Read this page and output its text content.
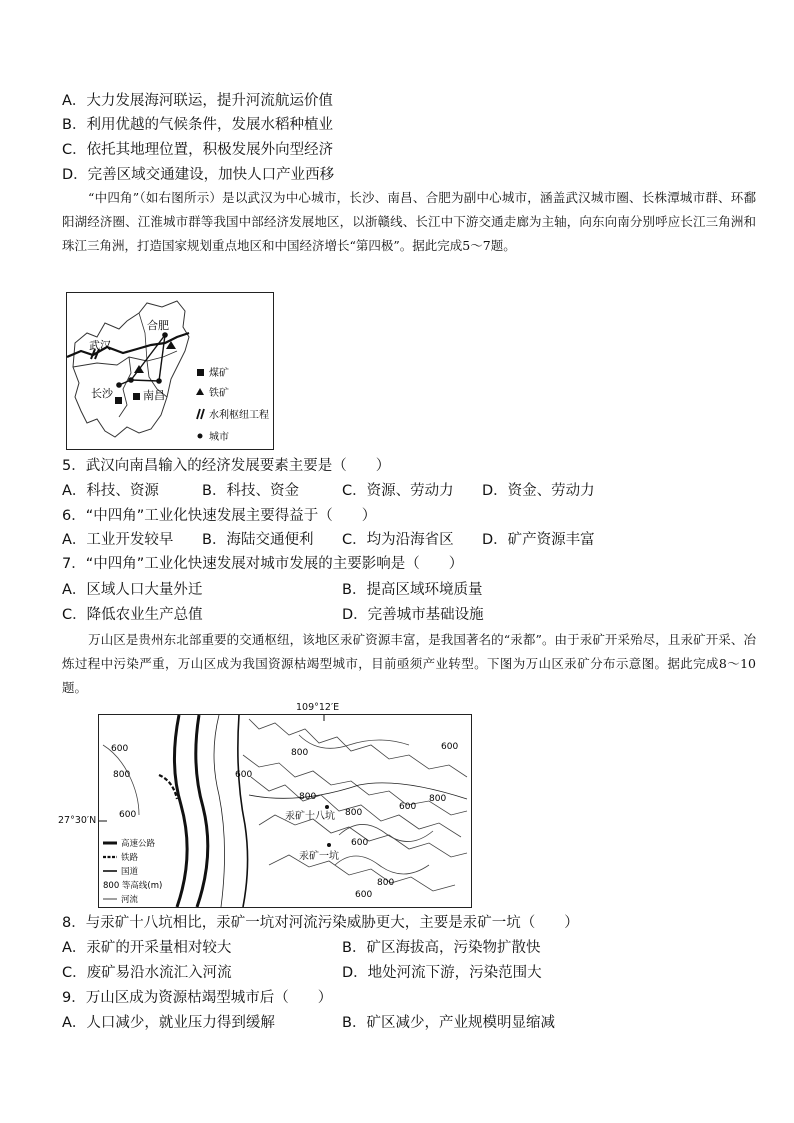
A．大力发展海河联运，提升河流航运价值
B．利用优越的气候条件，发展水稻种植业
C．依托其地理位置，积极发展外向型经济
D．完善区域交通建设，加快人口产业西移
“中四角”（如右图所示）是以武汉为中心城市，长沙、南昌、合肥为副中心城市，涵盖武汉城市圈、长株潭城市群、环鄱阳湖经济圈、江淮城市群等我国中部经济发展地区，以浙赣线、长江中下游交通走廊为主轴，向东向南分别呼应长江三角洲和珠江三角洲，打造国家规划重点地区和中国经济增长“第四极”。据此完成5～7题。
合肥
武汉
长沙	南昌
煤矿
铁矿
水利枢纽工程
城市
5．武汉向南昌输入的经济发展要素主要是（　　）
A．科技、资源	B．科技、资金	C．资源、劳动力 D．资金、劳动力
6．“中四角”工业化快速发展主要得益于（　　）
A．工业开发较早 B．海陆交通便利 C．均为沿海省区 D．矿产资源丰富
7．“中四角”工业化快速发展对城市发展的主要影响是（　　）
A．区域人口大量外迁	B．提高区域环境质量
C．降低农业生产总值	D．完善城市基础设施
万山区是贵州东北部重要的交通枢纽，该地区汞矿资源丰富，是我国著名的“汞都”。由于汞矿开采殆尽，且汞矿开采、冶炼过程中污染严重，万山区成为我国资源枯竭型城市，目前亟须产业转型。下图为万山区汞矿分布示意图。据此完成8～10题。
汞矿十八坑
汞矿一坑
600
800
600
600
800
800
800
600
600
800
600
800
600
高速公路
铁路
国道
800 等高线(m)
河流
109°12′E
27°30′N
8．与汞矿十八坑相比，汞矿一坑对河流污染威胁更大，主要是汞矿一坑（　　）
A．汞矿的开采量相对较大	B．矿区海拔高，污染物扩散快
C．废矿易沿水流汇入河流	D．地处河流下游，污染范围大
9．万山区成为资源枯竭型城市后（　　）
A．人口减少，就业压力得到缓解	B．矿区减少，产业规模明显缩减
